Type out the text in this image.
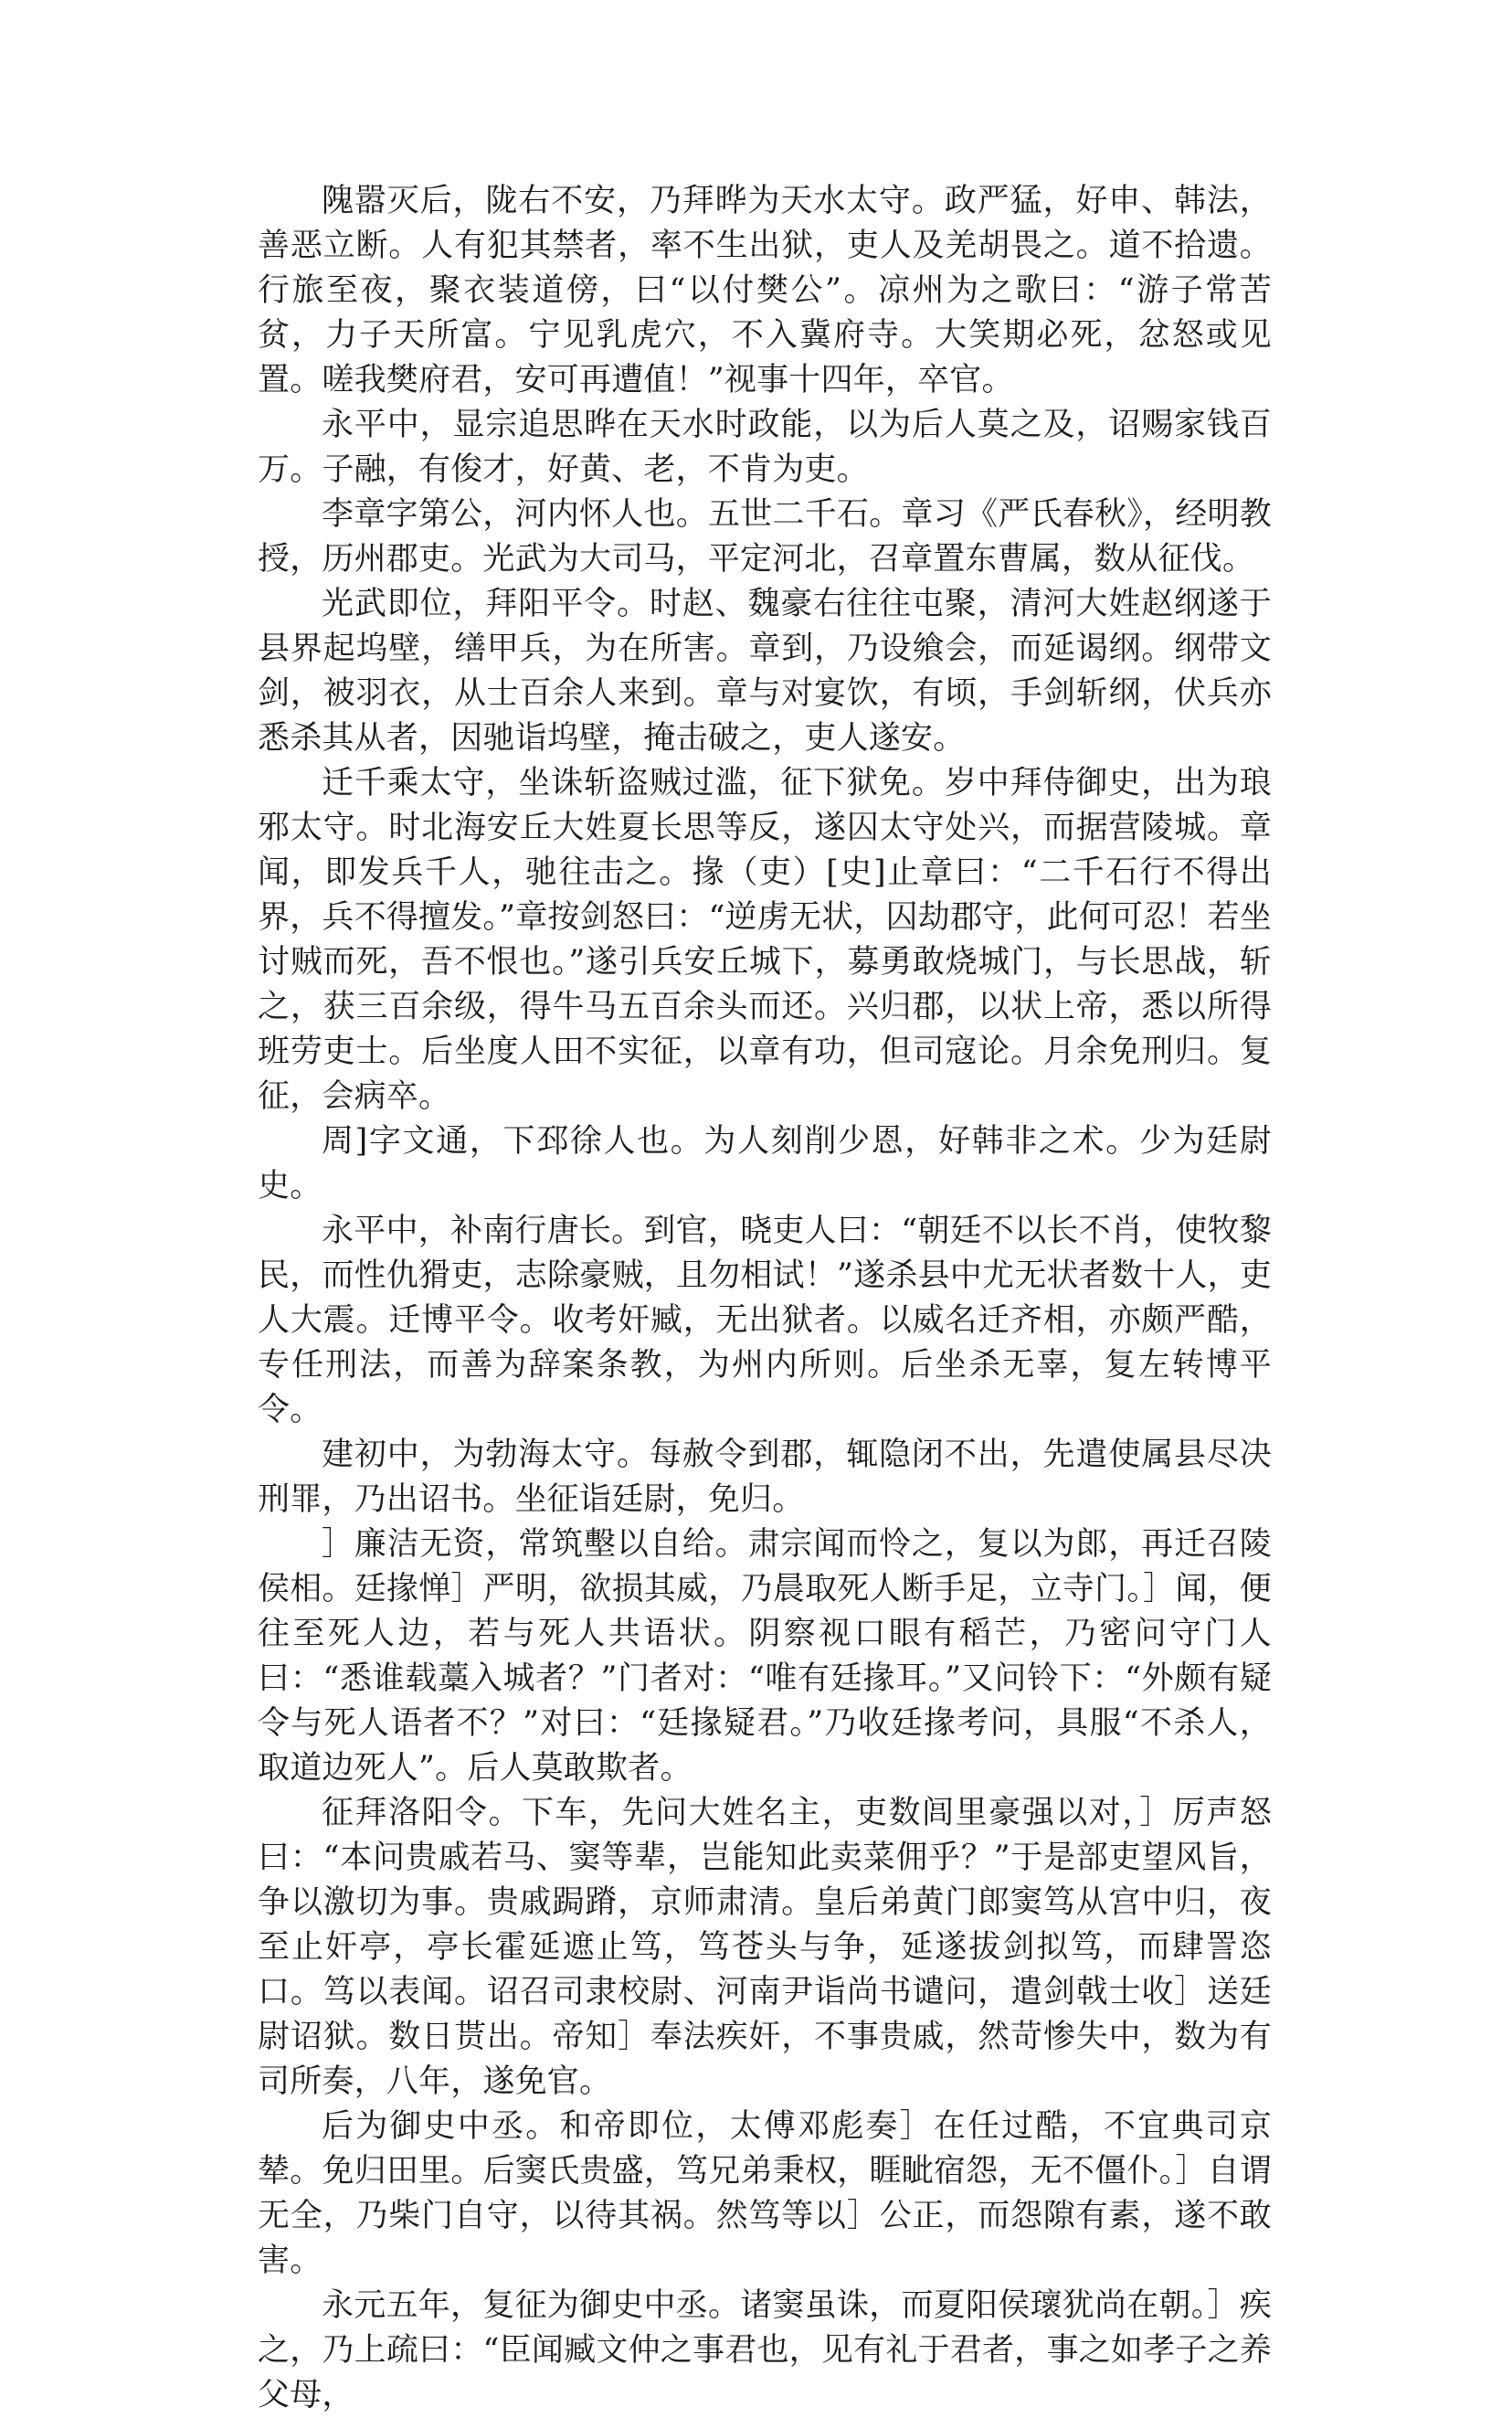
隗嚣灭后，陇右不安，乃拜晔为天水太守。政严猛，好申、韩法，善恶立断。人有犯其禁者，率不生出狱，吏人及羌胡畏之。道不拾遗。行旅至夜，聚衣装道傍，曰“以付樊公”。凉州为之歌曰：“游子常苦贫，力子天所富。宁见乳虎穴，不入冀府寺。大笑期必死，忿怒或见置。嗟我樊府君，安可再遭值！”视事十四年，卒官。

永平中，显宗追思晔在天水时政能，以为后人莫之及，诏赐家钱百万。子融，有俊才，好黄、老，不肯为吏。

李章字第公，河内怀人也。五世二千石。章习《严氏春秋》，经明教授，历州郡吏。光武为大司马，平定河北，召章置东曹属，数从征伐。

光武即位，拜阳平令。时赵、魏豪右往往屯聚，清河大姓赵纲遂于县界起坞壁，缮甲兵，为在所害。章到，乃设飨会，而延谒纲。纲带文剑，被羽衣，从士百余人来到。章与对宴饮，有顷，手剑斩纲，伏兵亦悉杀其从者，因驰诣坞壁，掩击破之，吏人遂安。

迁千乘太守，坐诛斩盗贼过滥，征下狱免。岁中拜侍御史，出为琅邪太守。时北海安丘大姓夏长思等反，遂囚太守处兴，而据营陵城。章闻，即发兵千人，驰往击之。掾（吏）[史]止章曰：“二千石行不得出界，兵不得擅发。”章按剑怒曰：“逆虏无状，囚劫郡守，此何可忍！若坐讨贼而死，吾不恨也。”遂引兵安丘城下，募勇敢烧城门，与长思战，斩之，获三百余级，得牛马五百余头而还。兴归郡，以状上帝，悉以所得班劳吏士。后坐度人田不实征，以章有功，但司寇论。月余免刑归。复征，会病卒。

周]字文通，下邳徐人也。为人刻削少恩，好韩非之术。少为廷尉史。

永平中，补南行唐长。到官，晓吏人曰：“朝廷不以长不肖，使牧黎民，而性仇猾吏，志除豪贼，且勿相试！”遂杀县中尤无状者数十人，吏人大震。迁博平令。收考奸臧，无出狱者。以威名迁齐相，亦颇严酷，专任刑法，而善为辞案条教，为州内所则。后坐杀无辜，复左转博平令。

建初中，为勃海太守。每赦令到郡，辄隐闭不出，先遣使属县尽决刑罪，乃出诏书。坐征诣廷尉，免归。

］廉洁无资，常筑墼以自给。肃宗闻而怜之，复以为郎，再迁召陵侯相。廷掾惮］严明，欲损其威，乃晨取死人断手足，立寺门。］闻，便往至死人边，若与死人共语状。阴察视口眼有稻芒，乃密问守门人曰：“悉谁载藁入城者？”门者对：“唯有廷掾耳。”又问铃下：“外颇有疑令与死人语者不？”对曰：“廷掾疑君。”乃收廷掾考问，具服“不杀人，取道边死人”。后人莫敢欺者。

征拜洛阳令。下车，先问大姓名主，吏数闾里豪强以对，］厉声怒曰：“本问贵戚若马、窦等辈，岂能知此卖菜佣乎？”于是部吏望风旨，争以激切为事。贵戚跼蹐，京师肃清。皇后弟黄门郎窦笃从宫中归，夜至止奸亭，亭长霍延遮止笃，笃苍头与争，延遂拔剑拟笃，而肆詈恣口。笃以表闻。诏召司隶校尉、河南尹诣尚书谴问，遣剑戟士收］送廷尉诏狱。数日贳出。帝知］奉法疾奸，不事贵戚，然苛惨失中，数为有司所奏，八年，遂免官。

后为御史中丞。和帝即位，太傅邓彪奏］在任过酷，不宜典司京辇。免归田里。后窦氏贵盛，笃兄弟秉权，睚眦宿怨，无不僵仆。］自谓无全，乃柴门自守，以待其祸。然笃等以］公正，而怨隙有素，遂不敢害。

永元五年，复征为御史中丞。诸窦虽诛，而夏阳侯瓌犹尚在朝。］疾之，乃上疏曰：“臣闻臧文仲之事君也，见有礼于君者，事之如孝子之养父母，
